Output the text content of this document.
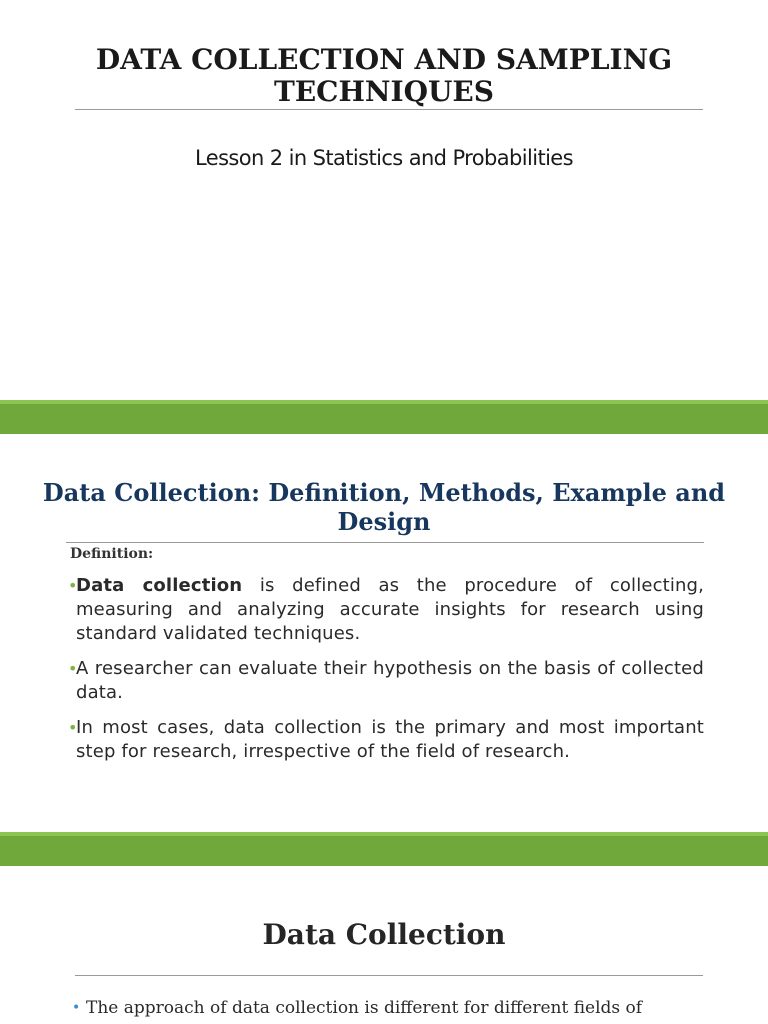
DATA COLLECTION AND SAMPLING TECHNIQUES
Lesson 2 in Statistics and Probabilities
Data Collection: Definition, Methods, Example and Design
Definition:
•
Data collection is defined as the procedure of collecting, measuring and analyzing accurate insights for research using standard validated techniques.
•
A researcher can evaluate their hypothesis on the basis of collected data.
•
In most cases, data collection is the primary and most important step for research, irrespective of the field of research.
Data Collection
• The approach of data collection is different for different fields of
